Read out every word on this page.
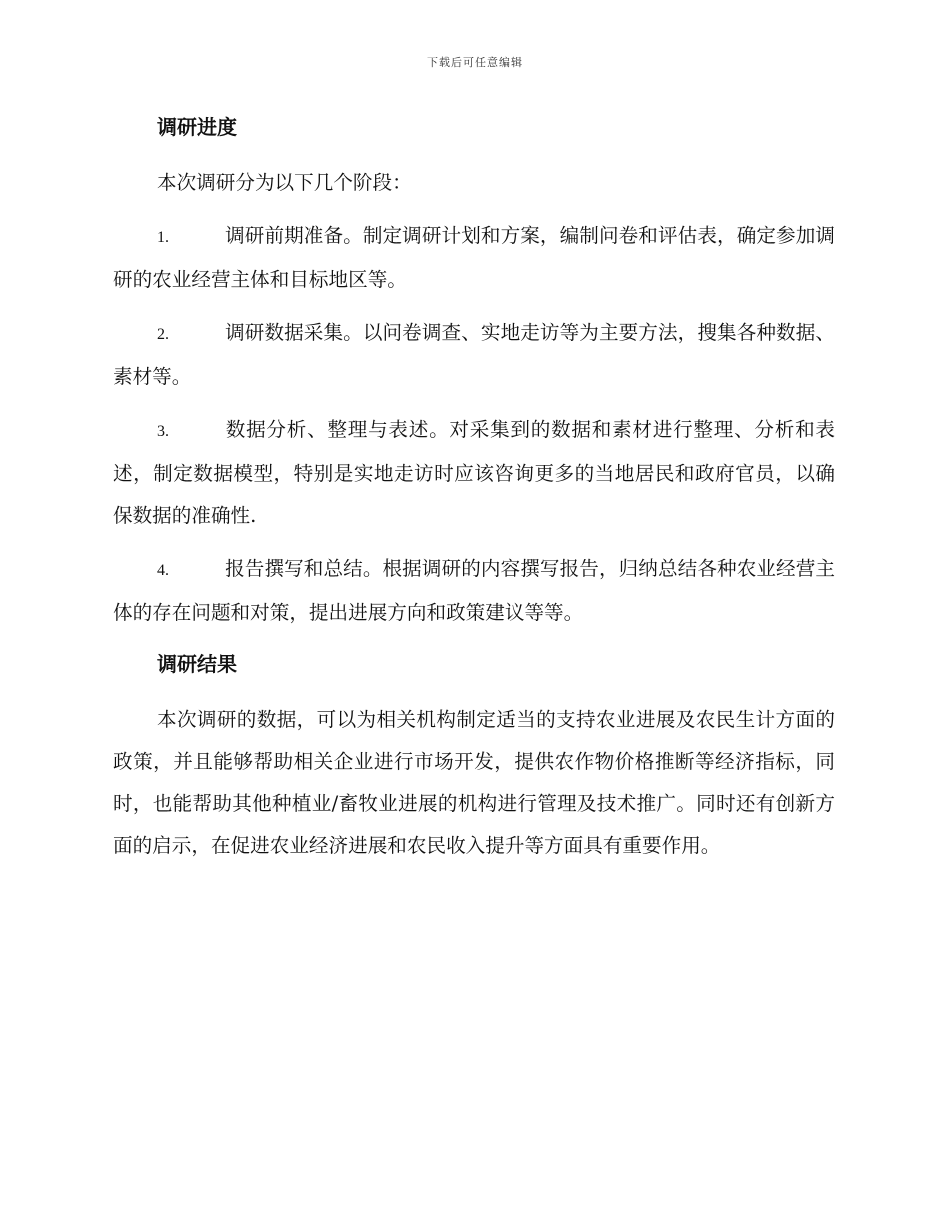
下载后可任意编辑
调研进度

本次调研分为以下几个阶段：

1.	调研前期准备。制定调研计划和方案，编制问卷和评估表，确定参加调研的农业经营主体和目标地区等。

2.	调研数据采集。以问卷调查、实地走访等为主要方法，搜集各种数据、素材等。

3.	数据分析、整理与表述。对采集到的数据和素材进行整理、分析和表述，制定数据模型，特别是实地走访时应该咨询更多的当地居民和政府官员，以确保数据的准确性.

4.	报告撰写和总结。根据调研的内容撰写报告，归纳总结各种农业经营主体的存在问题和对策，提出进展方向和政策建议等等。

调研结果

本次调研的数据，可以为相关机构制定适当的支持农业进展及农民生计方面的政策，并且能够帮助相关企业进行市场开发，提供农作物价格推断等经济指标，同时，也能帮助其他种植业/畜牧业进展的机构进行管理及技术推广。同时还有创新方面的启示，在促进农业经济进展和农民收入提升等方面具有重要作用。
